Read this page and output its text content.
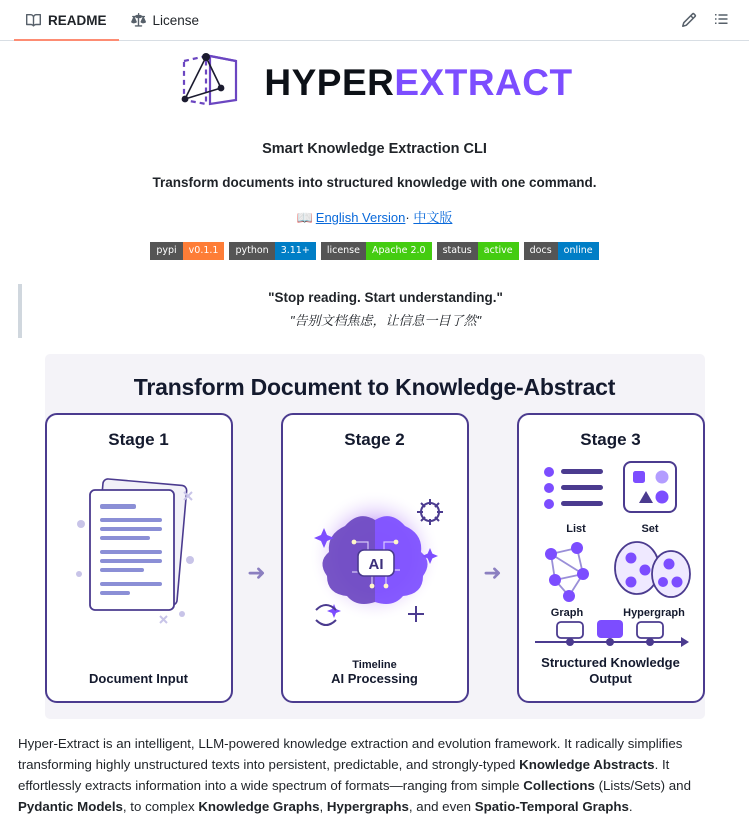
README	License
HYPEREXTRACT
Smart Knowledge Extraction CLI
Transform documents into structured knowledge with one command.
📖 English Version· 中文版
pypi	v0.1.1	python	3.11+	license	Apache 2.0	status	active	docs	online
"Stop reading. Start understanding."
"告别文档焦虑，让信息一目了然"
Transform Document to Knowledge-Abstract
Stage 1
Document Input
➜
Stage 2
AI
AI Processing
➜
Stage 3
List	Set
Graph	Hypergraph
Structured Knowledge Output
Timeline

Hyper-Extract is an intelligent, LLM-powered knowledge extraction and evolution framework. It radically simplifies transforming highly unstructured texts into persistent, predictable, and strongly-typed Knowledge Abstracts. It effortlessly extracts information into a wide spectrum of formats—ranging from simple Collections (Lists/Sets) and Pydantic Models, to complex Knowledge Graphs, Hypergraphs, and even Spatio-Temporal Graphs.
